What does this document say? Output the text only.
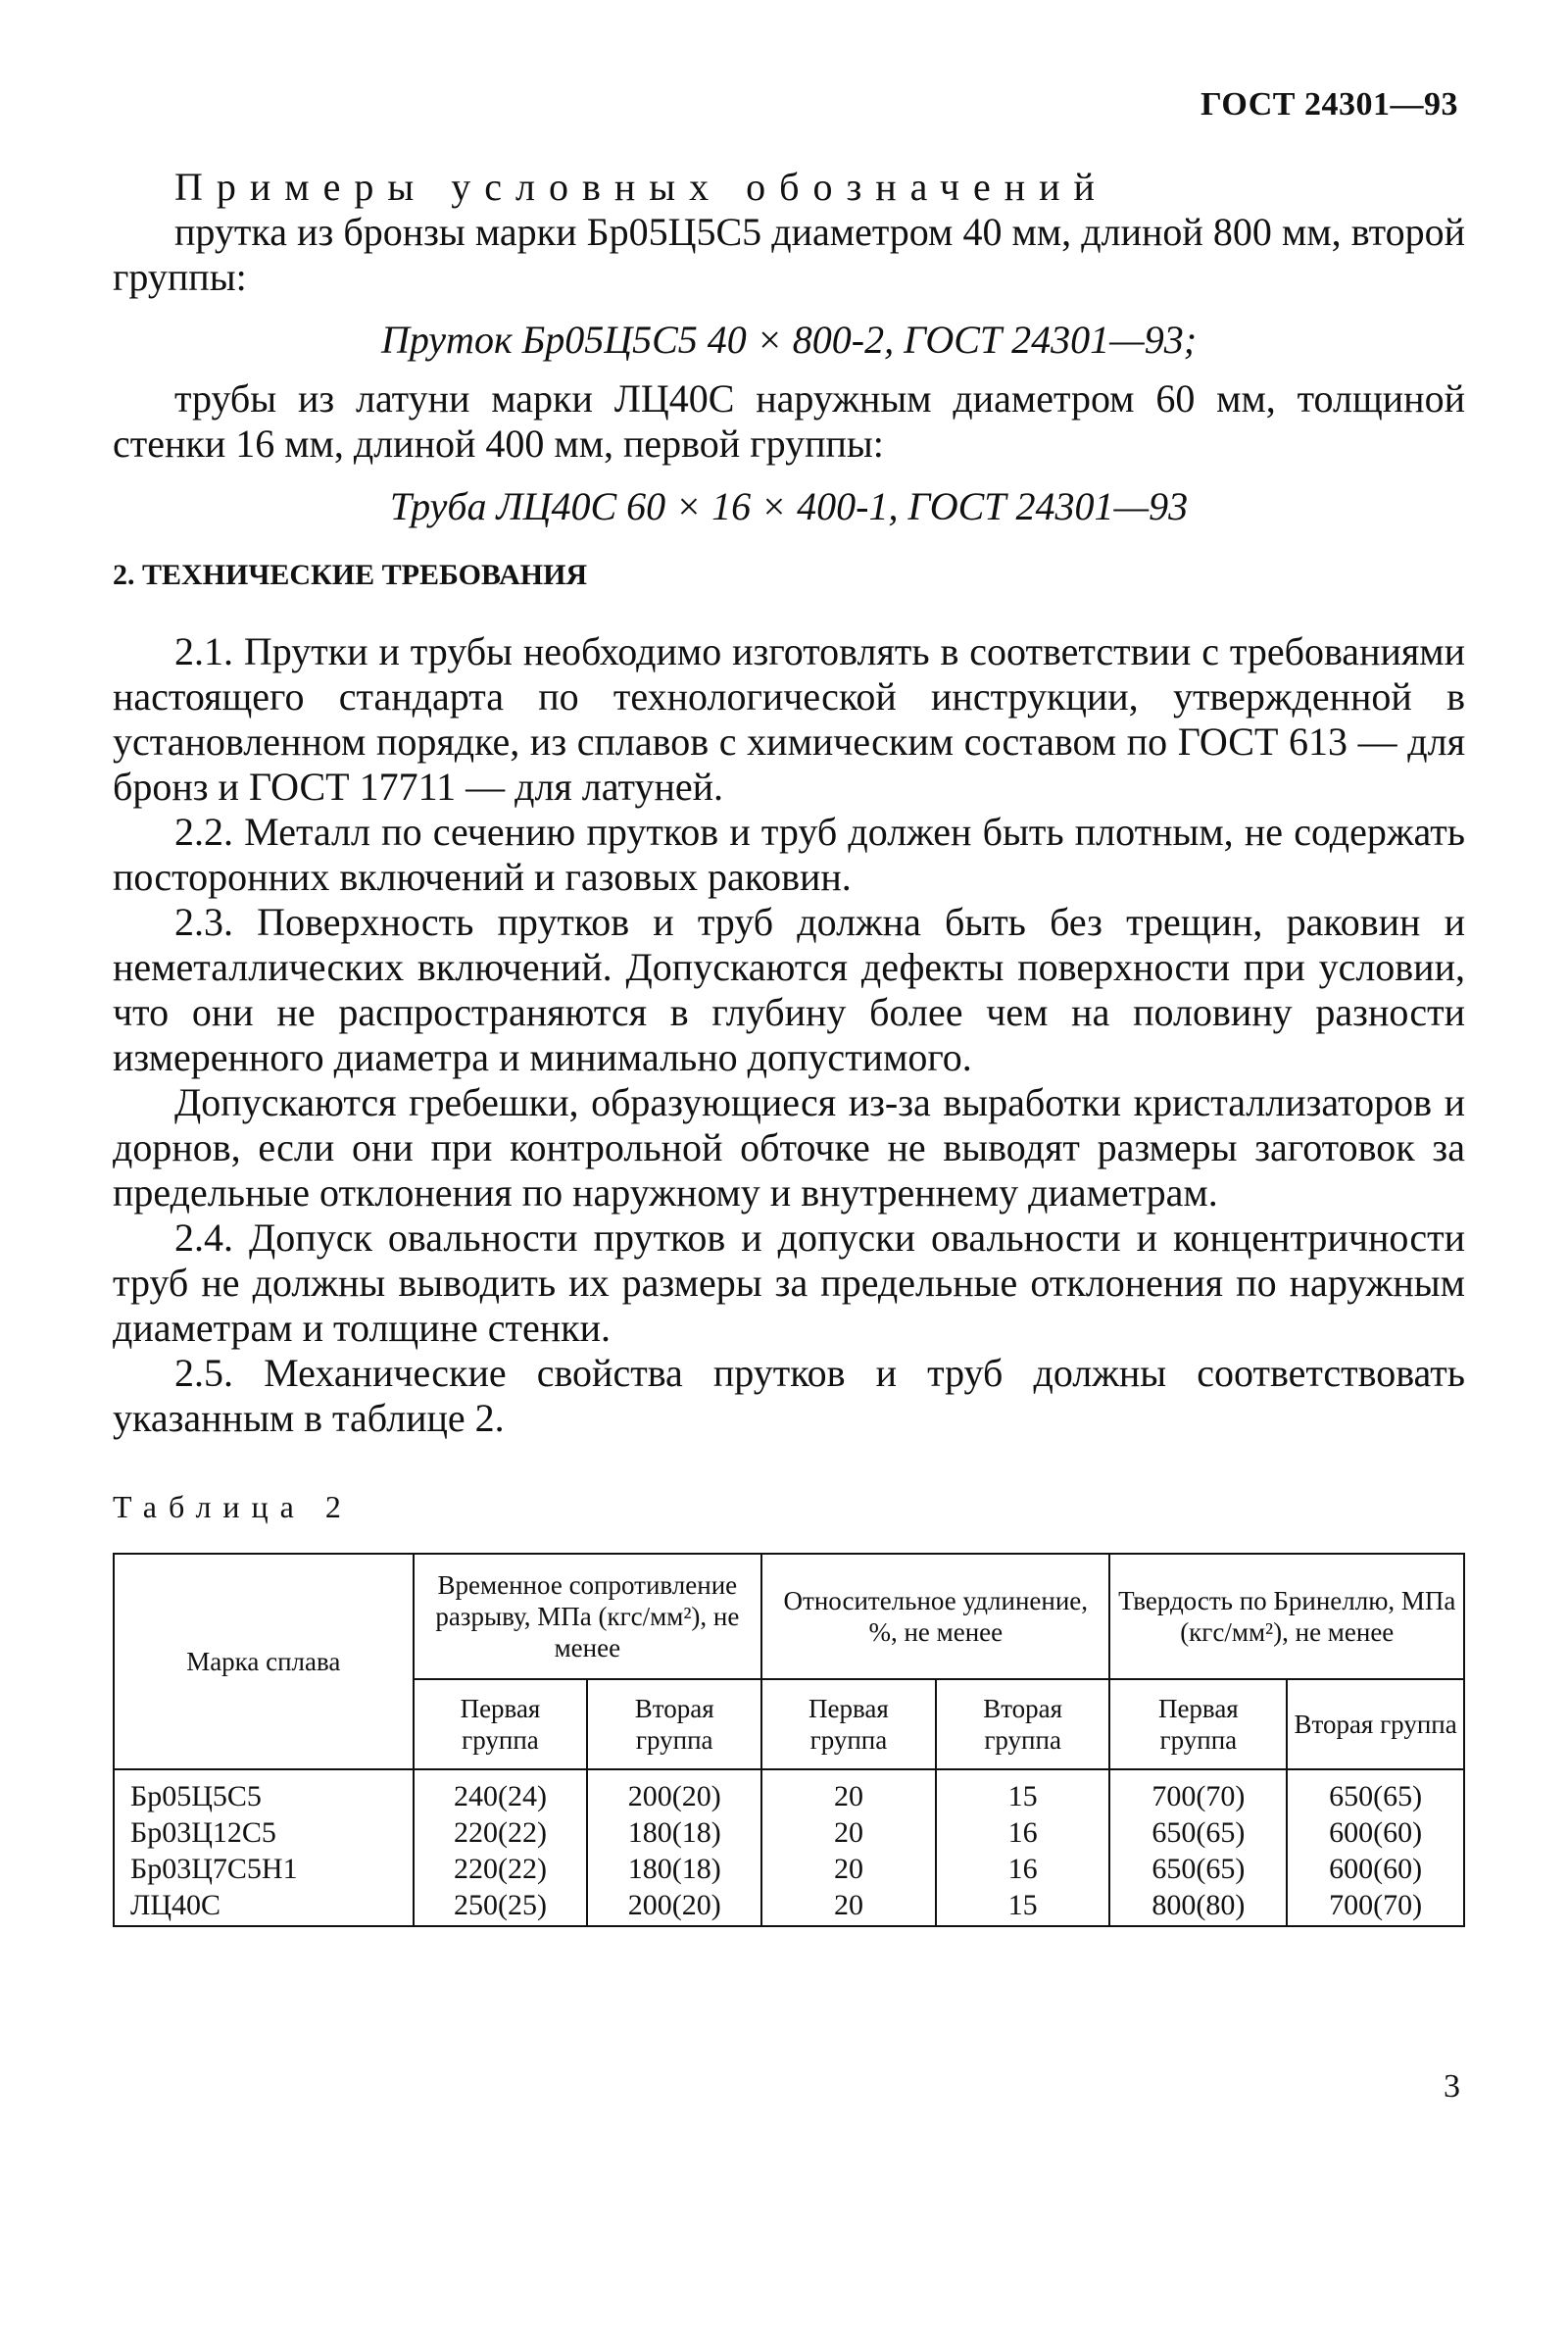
ГОСТ 24301—93
Примеры условных обозначений

прутка из бронзы марки Бр05Ц5С5 диаметром 40 мм, длиной 800 мм, второй группы:

Пруток Бр05Ц5С5 40 × 800-2, ГОСТ 24301—93;

трубы из латуни марки ЛЦ40С наружным диаметром 60 мм, толщиной стенки 16 мм, длиной 400 мм, первой группы:

Труба ЛЦ40С 60 × 16 × 400-1, ГОСТ 24301—93
2. ТЕХНИЧЕСКИЕ ТРЕБОВАНИЯ

2.1. Прутки и трубы необходимо изготовлять в соответствии с требованиями настоящего стандарта по технологической инструкции, утвержденной в установленном порядке, из сплавов с химическим составом по ГОСТ 613 — для бронз и ГОСТ 17711 — для латуней.

2.2. Металл по сечению прутков и труб должен быть плотным, не содержать посторонних включений и газовых раковин.

2.3. Поверхность прутков и труб должна быть без трещин, раковин и неметаллических включений. Допускаются дефекты поверхности при условии, что они не распространяются в глубину более чем на половину разности измеренного диаметра и минимально допустимого.

Допускаются гребешки, образующиеся из-за выработки кристаллизаторов и дорнов, если они при контрольной обточке не выводят размеры заготовок за предельные отклонения по наружному и внутреннему диаметрам.

2.4. Допуск овальности прутков и допуски овальности и концентричности труб не должны выводить их размеры за предельные отклонения по наружным диаметрам и толщине стенки.

2.5. Механические свойства прутков и труб должны соответствовать указанным в таблице 2.

Таблица 2
Марка сплава	Временное сопротивление разрыву, МПа (кгс/мм²), не менее		Относительное удлинение, %, не менее		Твердость по Бринеллю, МПа (кгс/мм²), не менее	
	Первая группа	Вторая группа	Первая группа	Вторая группа	Первая группа	Вторая группа
Бр05Ц5С5	240(24)	200(20)	20	15	700(70)	650(65)
Бр03Ц12С5	220(22)	180(18)	20	16	650(65)	600(60)
Бр03Ц7С5Н1	220(22)	180(18)	20	16	650(65)	600(60)
ЛЦ40С	250(25)	200(20)	20	15	800(80)	700(70)
3
